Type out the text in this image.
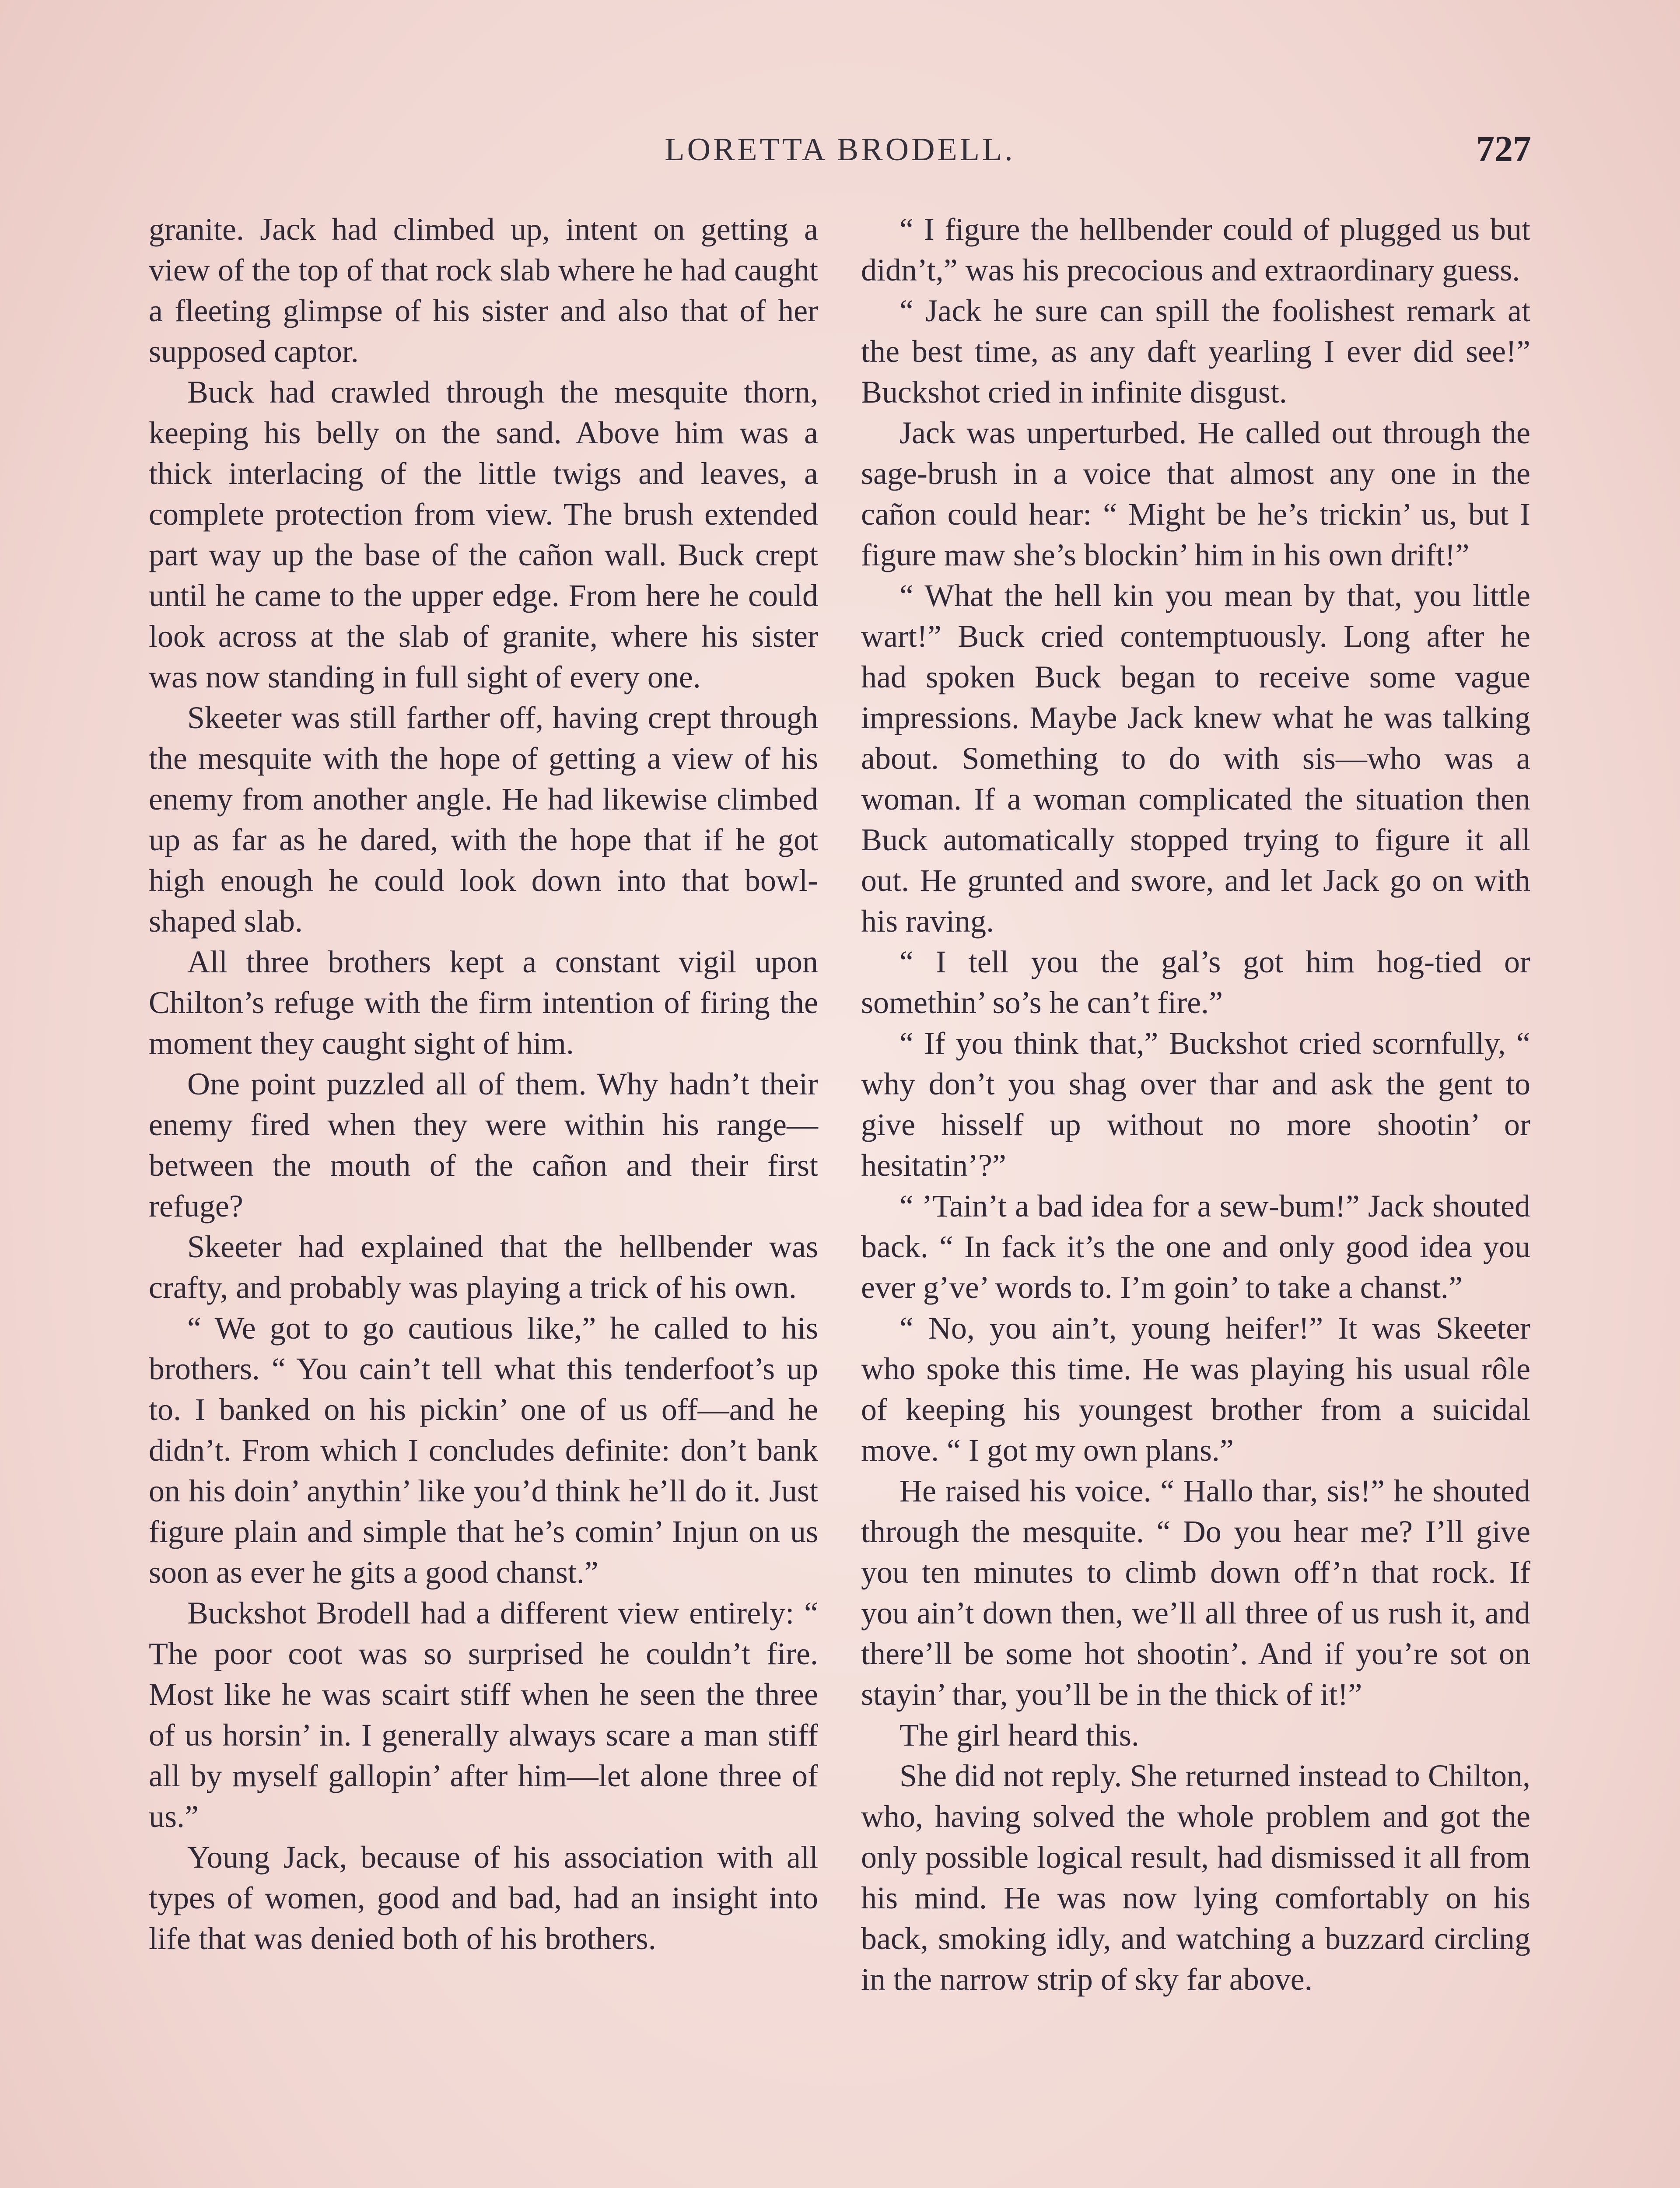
LORETTA BRODELL.	727

granite. Jack had climbed up, intent on getting a view of the top of that rock slab where he had caught a fleeting glimpse of his sister and also that of her supposed captor.

Buck had crawled through the mesquite thorn, keeping his belly on the sand. Above him was a thick interlacing of the little twigs and leaves, a complete protection from view. The brush extended part way up the base of the cañon wall. Buck crept until he came to the upper edge. From here he could look across at the slab of granite, where his sister was now standing in full sight of every one.

Skeeter was still farther off, having crept through the mesquite with the hope of getting a view of his enemy from another angle. He had likewise climbed up as far as he dared, with the hope that if he got high enough he could look down into that bowl-shaped slab.

All three brothers kept a constant vigil upon Chilton’s refuge with the firm intention of firing the moment they caught sight of him.

One point puzzled all of them. Why hadn’t their enemy fired when they were within his range—between the mouth of the cañon and their first refuge?

Skeeter had explained that the hellbender was crafty, and probably was playing a trick of his own.

“ We got to go cautious like,” he called to his brothers. “ You cain’t tell what this tenderfoot’s up to. I banked on his pickin’ one of us off—and he didn’t. From which I concludes definite: don’t bank on his doin’ anythin’ like you’d think he’ll do it. Just figure plain and simple that he’s comin’ Injun on us soon as ever he gits a good chanst.”

Buckshot Brodell had a different view entirely: “ The poor coot was so surprised he couldn’t fire. Most like he was scairt stiff when he seen the three of us horsin’ in. I generally always scare a man stiff all by myself gallopin’ after him—let alone three of us.”

Young Jack, because of his association with all types of women, good and bad, had an insight into life that was denied both of his brothers.

“ I figure the hellbender could of plugged us but didn’t,” was his precocious and extraordinary guess.

“ Jack he sure can spill the foolishest remark at the best time, as any daft yearling I ever did see!” Buckshot cried in infinite disgust.

Jack was unperturbed. He called out through the sage-brush in a voice that almost any one in the cañon could hear: “ Might be he’s trickin’ us, but I figure maw she’s blockin’ him in his own drift!”

“ What the hell kin you mean by that, you little wart!” Buck cried contemptuously. Long after he had spoken Buck began to receive some vague impressions. Maybe Jack knew what he was talking about. Something to do with sis—who was a woman. If a woman complicated the situation then Buck automatically stopped trying to figure it all out. He grunted and swore, and let Jack go on with his raving.

“ I tell you the gal’s got him hog-tied or somethin’ so’s he can’t fire.”

“ If you think that,” Buckshot cried scornfully, “ why don’t you shag over thar and ask the gent to give hisself up without no more shootin’ or hesitatin’?”

“ ’Tain’t a bad idea for a sew-bum!” Jack shouted back. “ In fack it’s the one and only good idea you ever g’ve’ words to. I’m goin’ to take a chanst.”

“ No, you ain’t, young heifer!” It was Skeeter who spoke this time. He was playing his usual rôle of keeping his youngest brother from a suicidal move. “ I got my own plans.”

He raised his voice. “ Hallo thar, sis!” he shouted through the mesquite. “ Do you hear me? I’ll give you ten minutes to climb down off’n that rock. If you ain’t down then, we’ll all three of us rush it, and there’ll be some hot shootin’. And if you’re sot on stayin’ thar, you’ll be in the thick of it!”

The girl heard this.

She did not reply. She returned instead to Chilton, who, having solved the whole problem and got the only possible logical result, had dismissed it all from his mind. He was now lying comfortably on his back, smoking idly, and watching a buzzard circling in the narrow strip of sky far above.
